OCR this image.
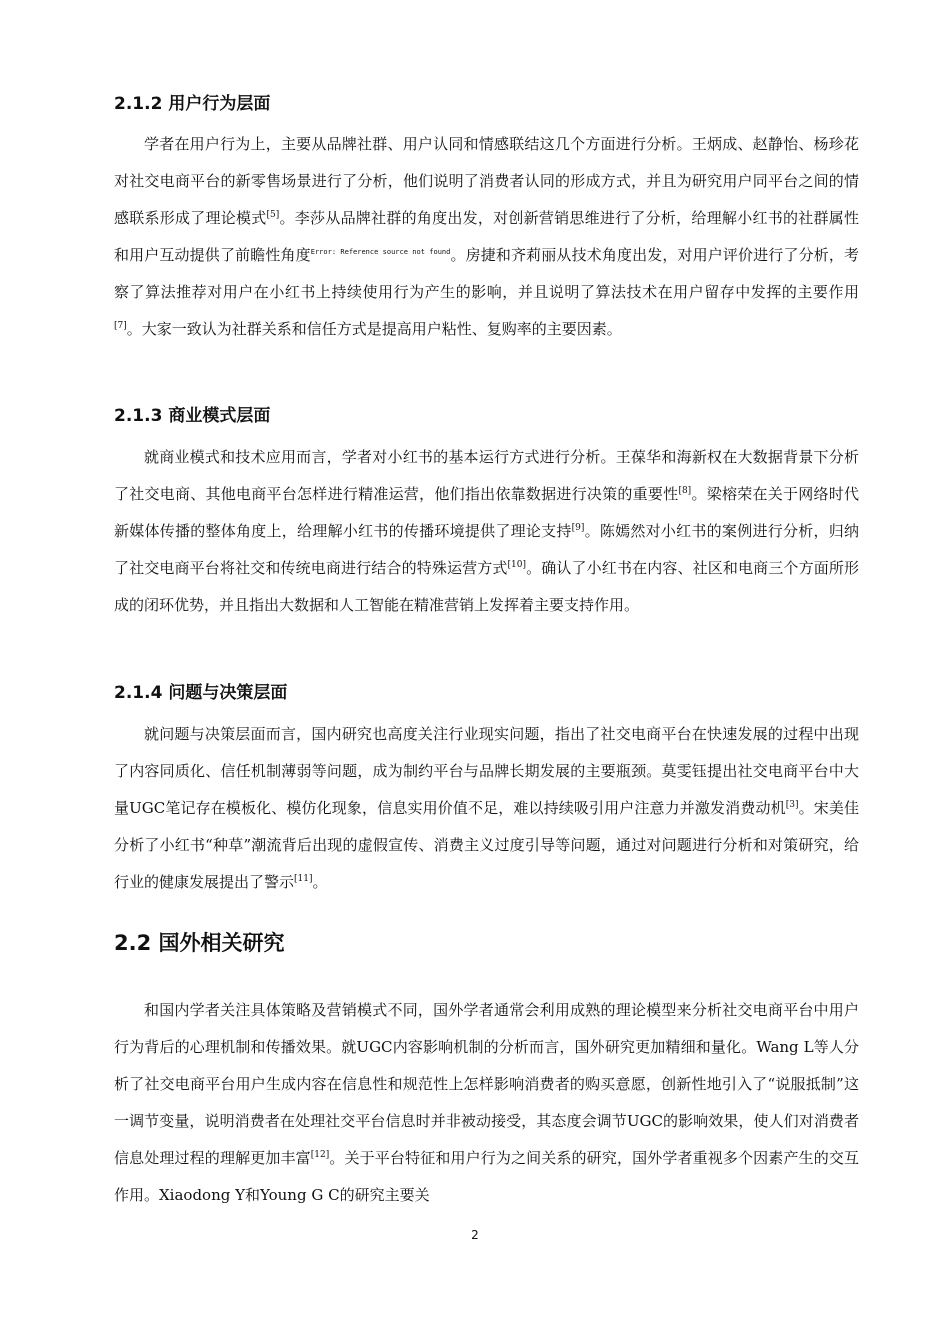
2.1.2 用户行为层面

学者在用户行为上，主要从品牌社群、用户认同和情感联结这几个方面进行分析。王炳成、赵静怡、杨珍花对社交电商平台的新零售场景进行了分析，他们说明了消费者认同的形成方式，并且为研究用户同平台之间的情感联系形成了理论模式[5]。李莎从品牌社群的角度出发，对创新营销思维进行了分析，给理解小红书的社群属性和用户互动提供了前瞻性角度$^{Error: Reference source not found}$。房捷和齐莉丽从技术角度出发，对用户评价进行了分析，考察了算法推荐对用户在小红书上持续使用行为产生的影响，并且说明了算法技术在用户留存中发挥的主要作用[7]。大家一致认为社群关系和信任方式是提高用户粘性、复购率的主要因素。

2.1.3 商业模式层面

就商业模式和技术应用而言，学者对小红书的基本运行方式进行分析。王葆华和海新权在大数据背景下分析了社交电商、其他电商平台怎样进行精准运营，他们指出依靠数据进行决策的重要性[8]。梁榕荣在关于网络时代新媒体传播的整体角度上，给理解小红书的传播环境提供了理论支持[9]。陈嫣然对小红书的案例进行分析，归纳了社交电商平台将社交和传统电商进行结合的特殊运营方式[10]。确认了小红书在内容、社区和电商三个方面所形成的闭环优势，并且指出大数据和人工智能在精准营销上发挥着主要支持作用。

2.1.4 问题与决策层面

就问题与决策层面而言，国内研究也高度关注行业现实问题，指出了社交电商平台在快速发展的过程中出现了内容同质化、信任机制薄弱等问题，成为制约平台与品牌长期发展的主要瓶颈。莫雯钰提出社交电商平台中大量UGC笔记存在模板化、模仿化现象，信息实用价值不足，难以持续吸引用户注意力并激发消费动机[3]。宋美佳分析了小红书“种草”潮流背后出现的虚假宣传、消费主义过度引导等问题，通过对问题进行分析和对策研究，给行业的健康发展提出了警示[11]。

2.2 国外相关研究

和国内学者关注具体策略及营销模式不同，国外学者通常会利用成熟的理论模型来分析社交电商平台中用户行为背后的心理机制和传播效果。就UGC内容影响机制的分析而言，国外研究更加精细和量化。Wang L等人分析了社交电商平台用户生成内容在信息性和规范性上怎样影响消费者的购买意愿，创新性地引入了“说服抵制”这一调节变量，说明消费者在处理社交平台信息时并非被动接受，其态度会调节UGC的影响效果，使人们对消费者信息处理过程的理解更加丰富[12]。关于平台特征和用户行为之间关系的研究，国外学者重视多个因素产生的交互作用。Xiaodong Y和Young G C的研究主要关

2
